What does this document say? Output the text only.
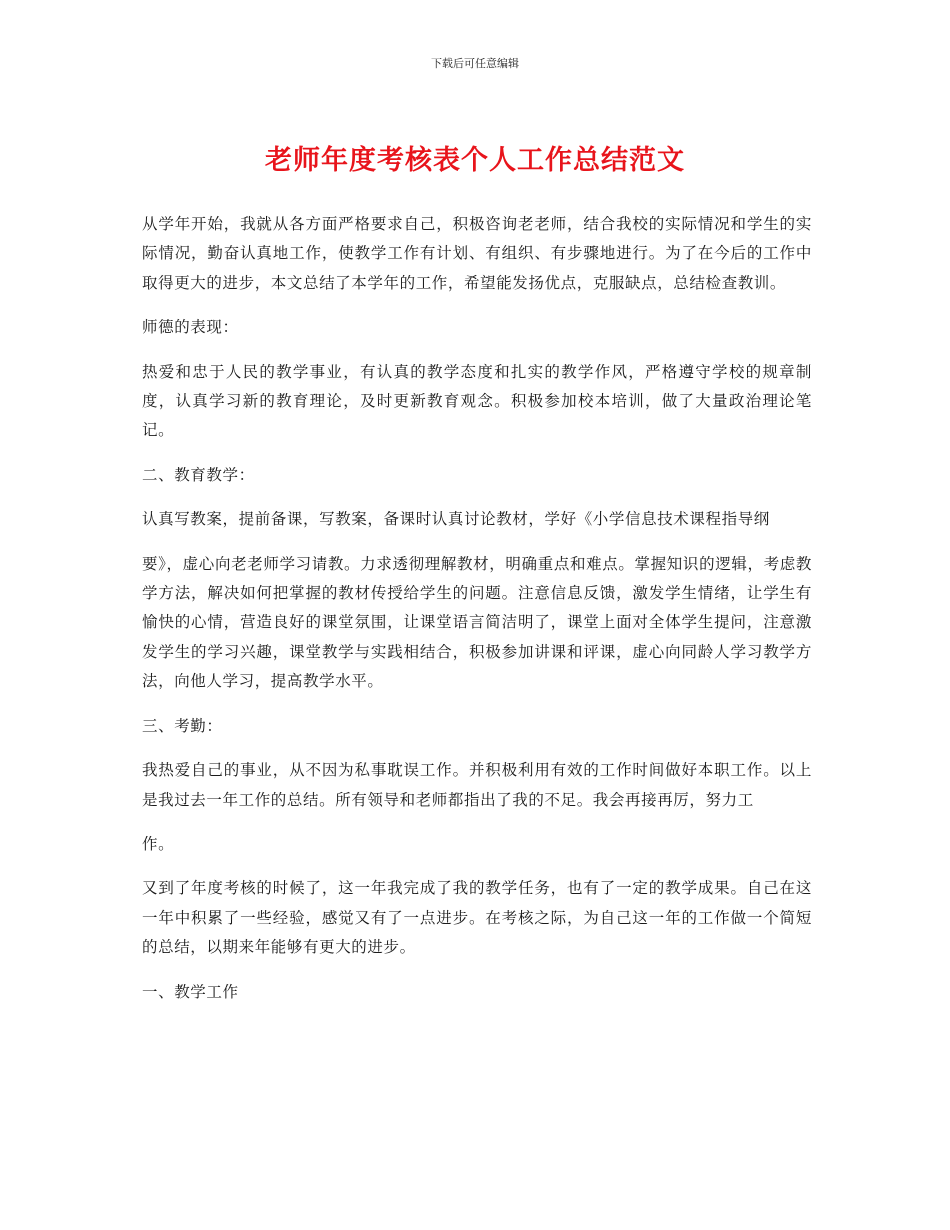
下载后可任意编辑
老师年度考核表个人工作总结范文

从学年开始，我就从各方面严格要求自己，积极咨询老老师，结合我校的实际情况和学生的实际情况，勤奋认真地工作，使教学工作有计划、有组织、有步骤地进行。为了在今后的工作中取得更大的进步，本文总结了本学年的工作，希望能发扬优点，克服缺点，总结检查教训。

师德的表现：

热爱和忠于人民的教学事业，有认真的教学态度和扎实的教学作风，严格遵守学校的规章制度，认真学习新的教育理论，及时更新教育观念。积极参加校本培训，做了大量政治理论笔记。

二、教育教学：

认真写教案，提前备课，写教案，备课时认真讨论教材，学好《小学信息技术课程指导纲

要》，虚心向老老师学习请教。力求透彻理解教材，明确重点和难点。掌握知识的逻辑，考虑教学方法，解决如何把掌握的教材传授给学生的问题。注意信息反馈，激发学生情绪，让学生有愉快的心情，营造良好的课堂氛围，让课堂语言简洁明了，课堂上面对全体学生提问，注意激发学生的学习兴趣，课堂教学与实践相结合，积极参加讲课和评课，虚心向同龄人学习教学方法，向他人学习，提高教学水平。

三、考勤：

我热爱自己的事业，从不因为私事耽误工作。并积极利用有效的工作时间做好本职工作。以上是我过去一年工作的总结。所有领导和老师都指出了我的不足。我会再接再厉，努力工

作。

又到了年度考核的时候了，这一年我完成了我的教学任务，也有了一定的教学成果。自己在这一年中积累了一些经验，感觉又有了一点进步。在考核之际，为自己这一年的工作做一个简短的总结，以期来年能够有更大的进步。

一、教学工作
